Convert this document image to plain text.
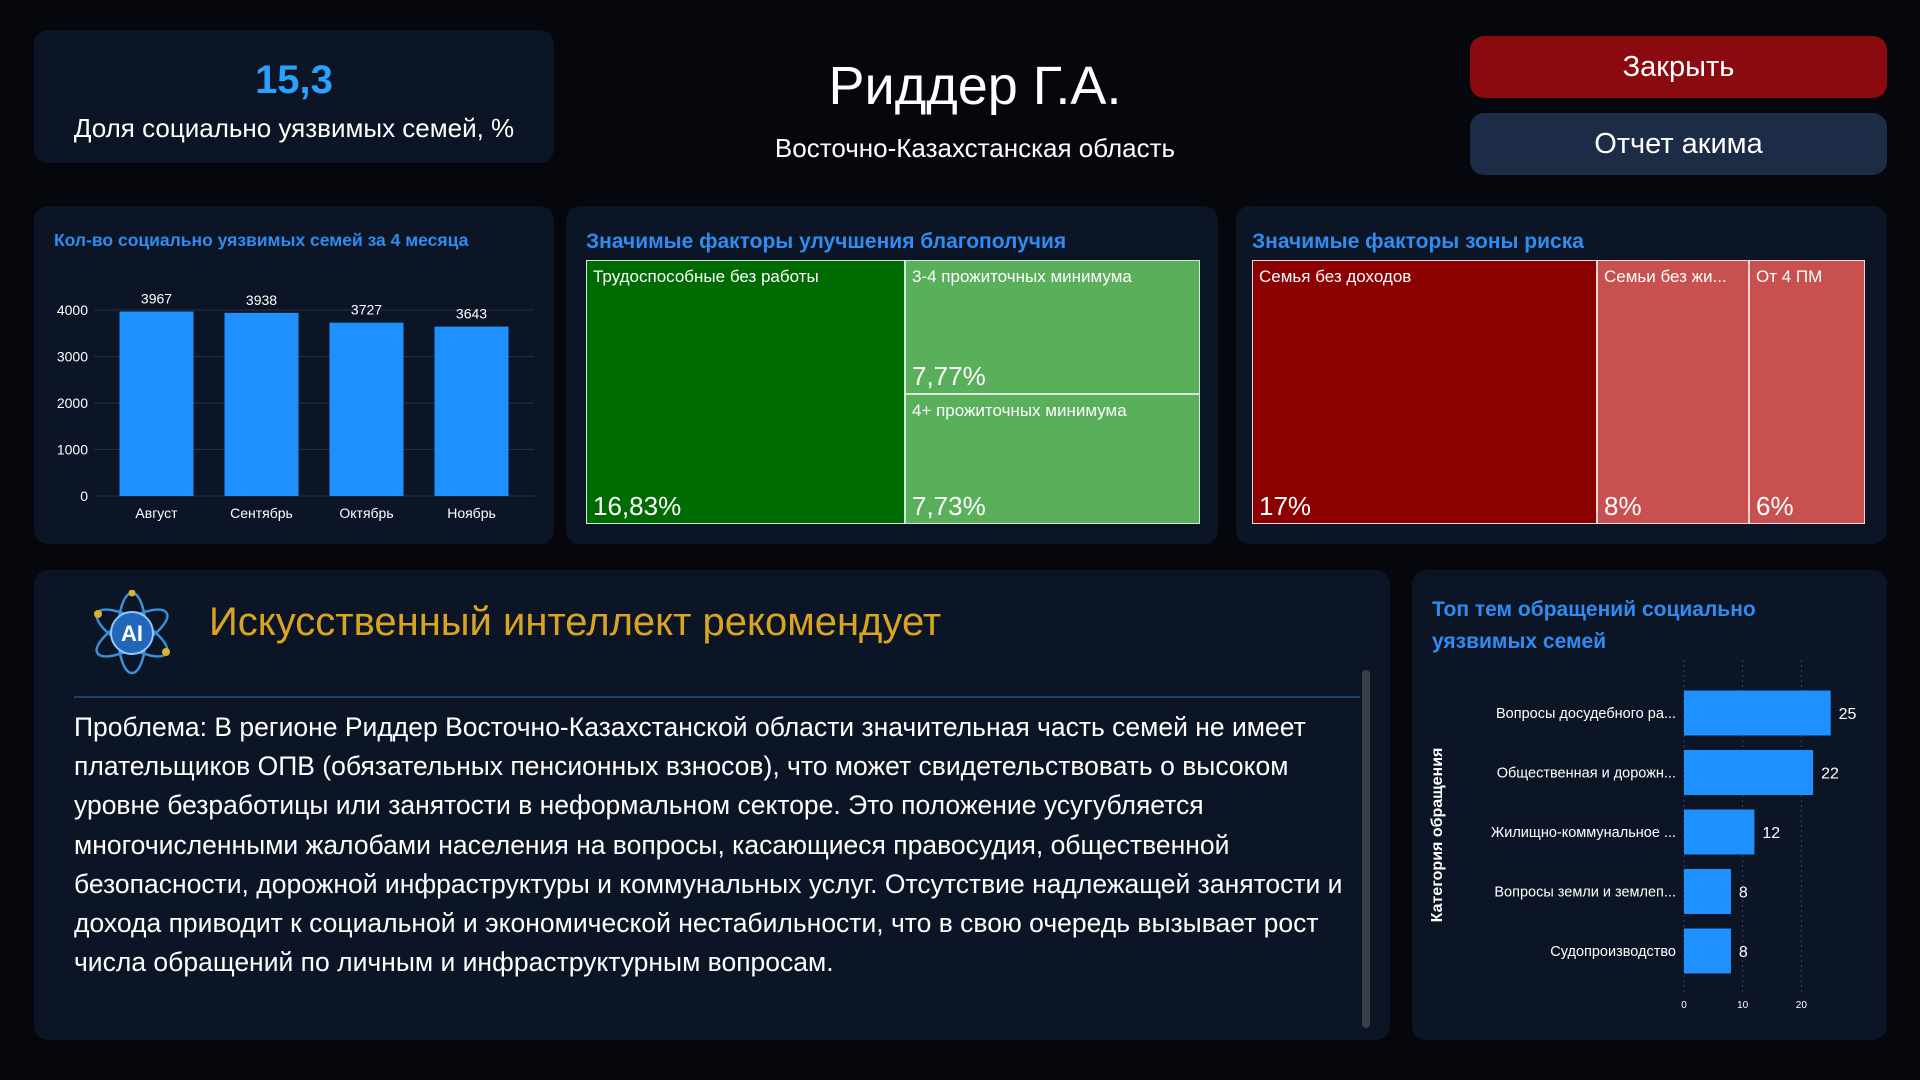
15,3
Доля социально уязвимых семей, %
Риддер Г.А.
Восточно-Казахстанская область
Закрыть
Отчет акима
Кол-во социально уязвимых семей за 4 месяца
0
1000
2000
3000
4000
3967
Август
3938
Сентябрь
3727
Октябрь
3643
Ноябрь
Значимые факторы улучшения благополучия
Трудоспособные без работы
16,83%
3-4 прожиточных минимума
7,77%
4+ прожиточных минимума
7,73%
Значимые факторы зоны риска
Семья без доходов
17%
Семьи без жи...
8%
От 4 ПМ
6%
AI Искусственный интеллект рекомендует
Проблема: В регионе Риддер Восточно-Казахстанской области значительная часть семей не имеет плательщиков ОПВ (обязательных пенсионных взносов), что может свидетельствовать о высоком уровне безработицы или занятости в неформальном секторе. Это положение усугубляется многочисленными жалобами населения на вопросы, касающиеся правосудия, общественной безопасности, дорожной инфраструктуры и коммунальных услуг. Отсутствие надлежащей занятости и дохода приводит к социальной и экономической нестабильности, что в свою очередь вызывает рост числа обращений по личным и инфраструктурным вопросам.
Топ тем обращений социально уязвимых семей
0	10	20
25
Вопросы досудебного ра...
22
Общественная и дорожн...
12
Жилищно-коммунальное ...
8
Вопросы земли и землеп...
8
Судопроизводство
Категория обращения
